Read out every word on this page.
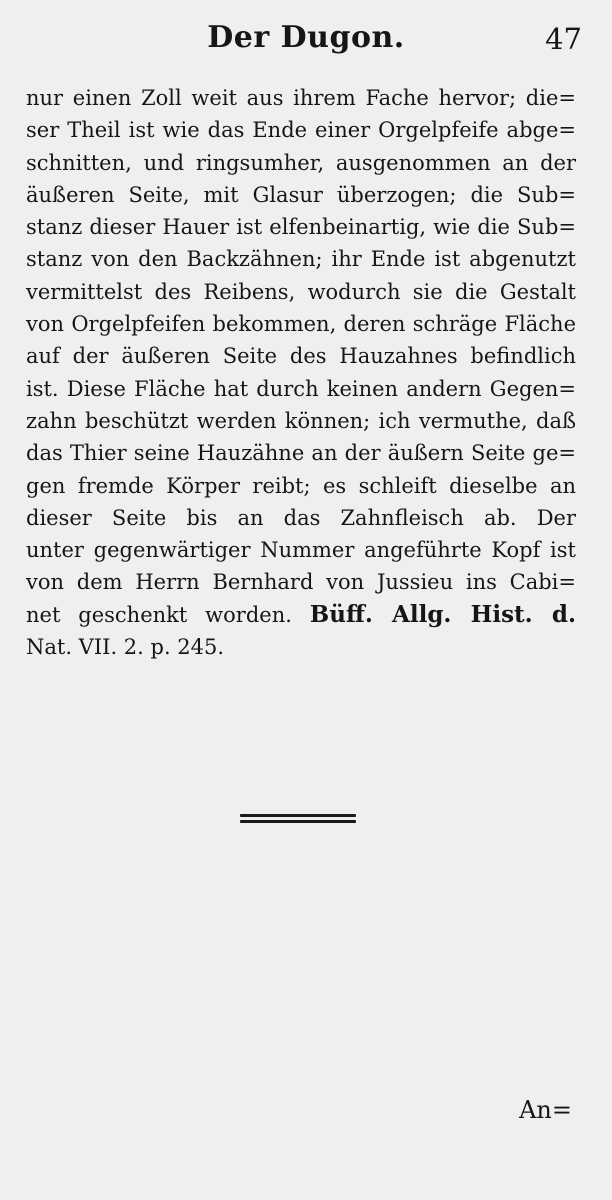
Der Dugon.	47
nur einen Zoll weit aus ihrem Fache hervor; die=
ser Theil ist wie das Ende einer Orgelpfeife abge=
schnitten, und ringsumher, ausgenommen an der
äußeren Seite, mit Glasur überzogen; die Sub=
stanz dieser Hauer ist elfenbeinartig, wie die Sub=
stanz von den Backzähnen; ihr Ende ist abgenutzt
vermittelst des Reibens, wodurch sie die Gestalt
von Orgelpfeifen bekommen, deren schräge Fläche
auf der äußeren Seite des Hauzahnes befindlich
ist. Diese Fläche hat durch keinen andern Gegen=
zahn beschützt werden können; ich vermuthe, daß
das Thier seine Hauzähne an der äußern Seite ge=
gen fremde Körper reibt; es schleift dieselbe an
dieser Seite bis an das Zahnfleisch ab. Der
unter gegenwärtiger Nummer angeführte Kopf ist
von dem Herrn Bernhard von Jussieu ins Cabi=
net geschenkt worden. Büff. Allg. Hist. d.
Nat. VII. 2. p. 245.
An=
